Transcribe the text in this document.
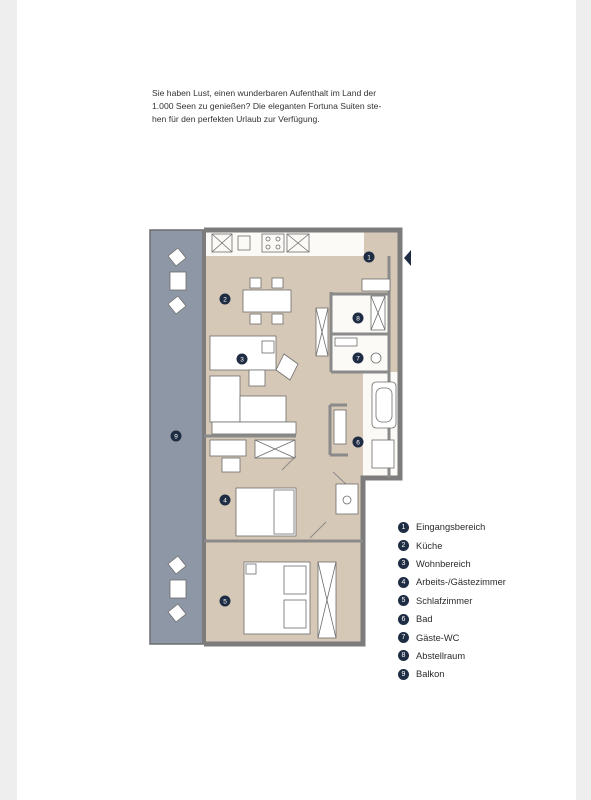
Sie haben Lust, einen wunderbaren Aufenthalt im Land der
1.000 Seen zu genießen? Die eleganten Fortuna Suiten ste-
hen für den perfekten Urlaub zur Verfügung.
1
2
3
4
5
6
7
8
9
1	Eingangsbereich
2	Küche
3	Wohnbereich
4	Arbeits-/Gästezimmer
5	Schlafzimmer
6	Bad
7	Gäste-WC
8	Abstellraum
9	Balkon
